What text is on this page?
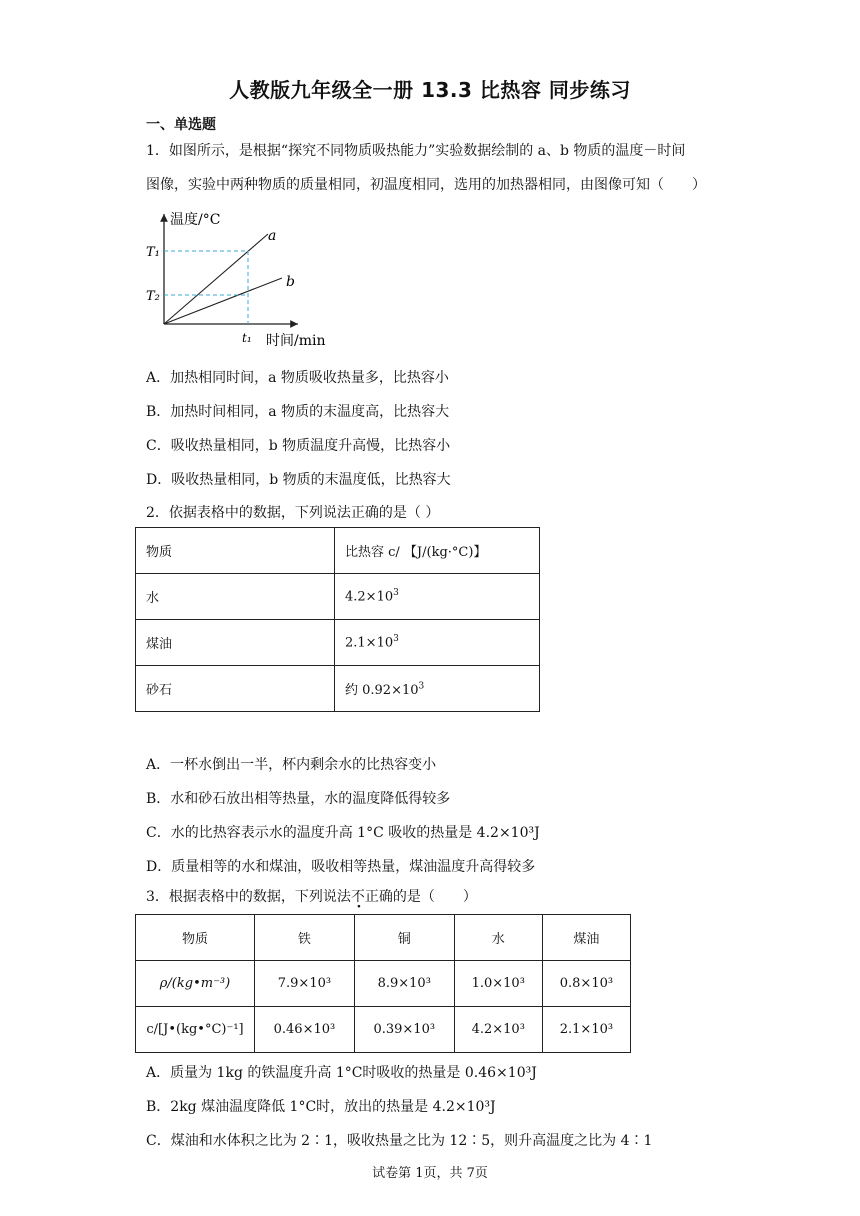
人教版九年级全一册 13.3 比热容 同步练习
一、单选题
1．如图所示，是根据“探究不同物质吸热能力”实验数据绘制的 a、b 物质的温度－时间
图像，实验中两种物质的质量相同，初温度相同，选用的加热器相同，由图像可知（　　）
温度/°C
时间/min
T₁
T₂
t₁
a
b
A．加热相同时间，a 物质吸收热量多，比热容小
B．加热时间相同，a 物质的末温度高，比热容大
C．吸收热量相同，b 物质温度升高慢，比热容小
D．吸收热量相同，b 物质的末温度低，比热容大
2．依据表格中的数据，下列说法正确的是（ ）
物质	比热容 c/ 【J/(kg·°C)】
水	$4.2\times 10^3$
煤油	$2.1\times 10^3$
砂石	约 $0.92\times 10^3$
A．一杯水倒出一半，杯内剩余水的比热容变小
B．水和砂石放出相等热量，水的温度降低得较多
C．水的比热容表示水的温度升高 1°C 吸收的热量是 4.2×10³J
D．质量相等的水和煤油，吸收相等热量，煤油温度升高得较多
3．根据表格中的数据，下列说法不正确的是（　　）
物质	铁	铜	水	煤油
ρ/(kg•m⁻³)	7.9×10³	8.9×10³	1.0×10³	0.8×10³
c/[J•(kg•°C)⁻¹]	0.46×10³	0.39×10³	4.2×10³	2.1×10³
A．质量为 1kg 的铁温度升高 1°C时吸收的热量是 0.46×10³J
B．2kg 煤油温度降低 1°C时，放出的热量是 4.2×10³J
C．煤油和水体积之比为 2∶1，吸收热量之比为 12∶5，则升高温度之比为 4∶1
试卷第 1页，共 7页
